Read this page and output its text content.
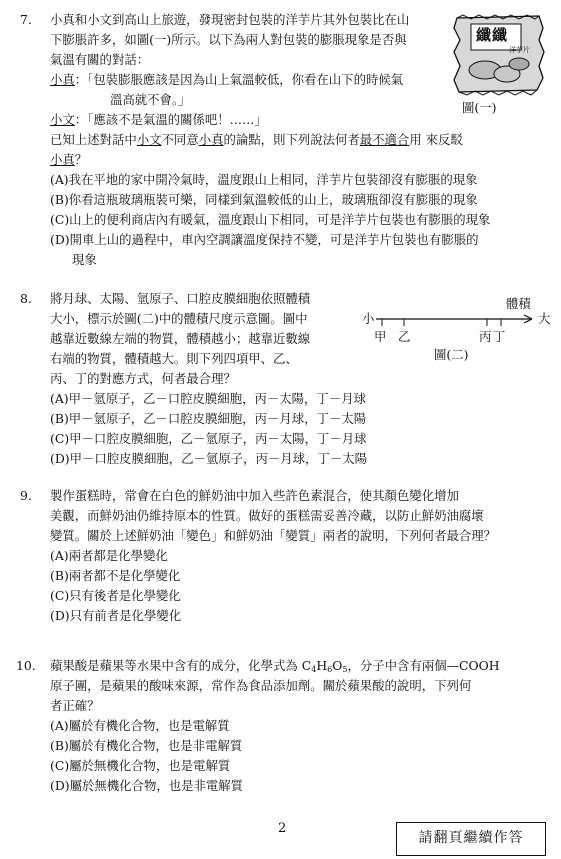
7. 小真和小文到高山上旅遊，發現密封包裝的洋芋片其外包裝比在山
下膨脹許多，如圖(一)所示。以下為兩人對包裝的膨脹現象是否與
氣溫有關的對話：
小真：「包裝膨脹應該是因為山上氣溫較低，你看在山下的時候氣
溫高就不會。」
小文：「應該不是氣溫的關係吧！……」
已知上述對話中小文不同意小真的論點，則下列說法何者最不適合用 來反駁
小真？
(A)我在平地的家中開冷氣時，溫度跟山上相同，洋芋片包裝卻沒有膨脹的現象
(B)你看這瓶玻璃瓶裝可樂，同樣到氣溫較低的山上，玻璃瓶卻沒有膨脹的現象
(C)山上的便利商店內有暖氣，溫度跟山下相同，可是洋芋片包裝也有膨脹的現象
(D)開車上山的過程中，車內空調讓溫度保持不變，可是洋芋片包裝也有膨脹的
現象
纖纖
洋芋片
圖(一)
8. 將月球、太陽、氫原子、口腔皮膜細胞依照體積
大小，標示於圖(二)中的體積尺度示意圖。圖中
越靠近數線左端的物質，體積越小；越靠近數線
右端的物質，體積越大。則下列四項甲、乙、
丙、丁的對應方式，何者最合理？
(A)甲－氫原子，乙－口腔皮膜細胞，丙－太陽，丁－月球
(B)甲－氫原子，乙－口腔皮膜細胞，丙－月球，丁－太陽
(C)甲－口腔皮膜細胞，乙－氫原子，丙－太陽，丁－月球
(D)甲－口腔皮膜細胞，乙－氫原子，丙－月球，丁－太陽
體積
小	大
甲 乙	丙 丁
圖(二)
9. 製作蛋糕時，常會在白色的鮮奶油中加入些許色素混合，使其顏色變化增加
美觀，而鮮奶油仍維持原本的性質。做好的蛋糕需妥善冷藏，以防止鮮奶油腐壞
變質。關於上述鮮奶油「變色」和鮮奶油「變質」兩者的說明，下列何者最合理？
(A)兩者都是化學變化
(B)兩者都不是化學變化
(C)只有後者是化學變化
(D)只有前者是化學變化
10. 蘋果酸是蘋果等水果中含有的成分，化學式為 $C_4H_6O_5$，分子中含有兩個—COOH
原子團，是蘋果的酸味來源，常作為食品添加劑。關於蘋果酸的說明，下列何
者正確？
(A)屬於有機化合物，也是電解質
(B)屬於有機化合物，也是非電解質
(C)屬於無機化合物，也是電解質
(D)屬於無機化合物，也是非電解質
2
請翻頁繼續作答
